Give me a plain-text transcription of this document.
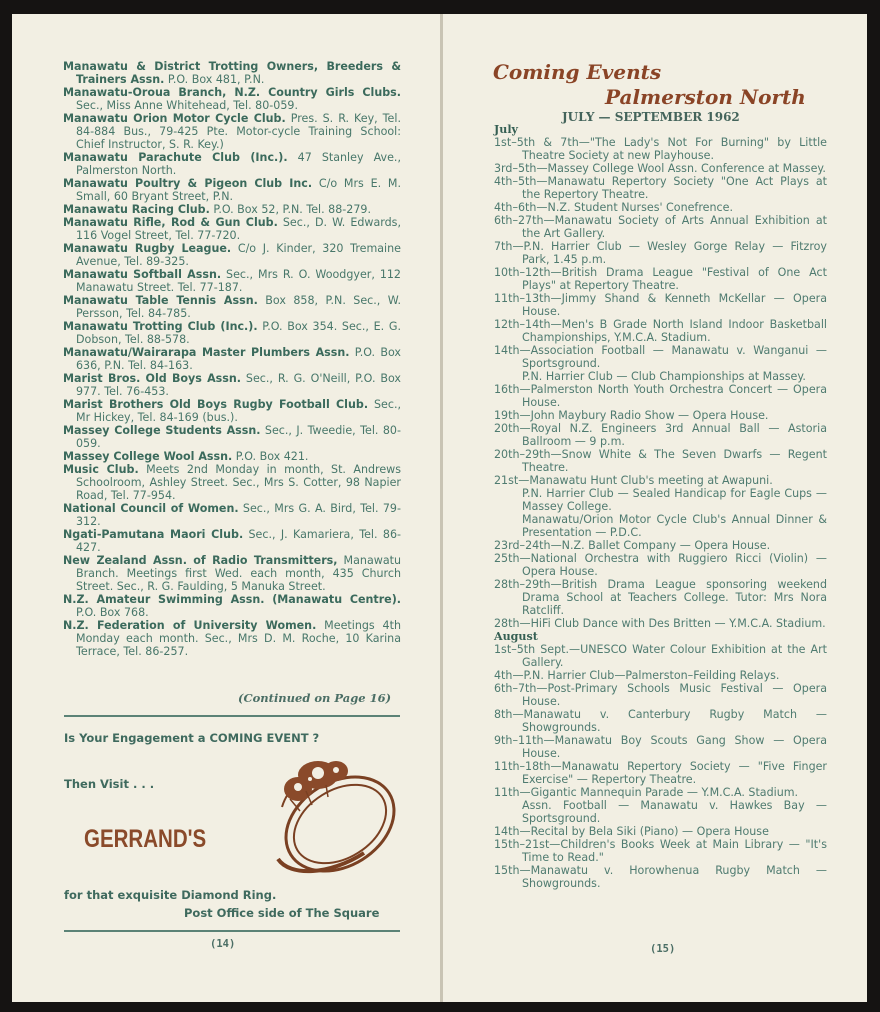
Manawatu & District Trotting Owners, Breeders & Trainers Assn. P.O. Box 481, P.N.
Manawatu-Oroua Branch, N.Z. Country Girls Clubs. Sec., Miss Anne Whitehead, Tel. 80-059.
Manawatu Orion Motor Cycle Club. Pres. S. R. Key, Tel. 84-884 Bus., 79-425 Pte. Motor-cycle Training School: Chief Instructor, S. R. Key.)
Manawatu Parachute Club (Inc.). 47 Stanley Ave., Palmerston North.
Manawatu Poultry & Pigeon Club Inc. C/o Mrs E. M. Small, 60 Bryant Street, P.N.
Manawatu Racing Club. P.O. Box 52, P.N. Tel. 88-279.
Manawatu Rifle, Rod & Gun Club. Sec., D. W. Edwards, 116 Vogel Street, Tel. 77-720.
Manawatu Rugby League. C/o J. Kinder, 320 Tremaine Avenue, Tel. 89-325.
Manawatu Softball Assn. Sec., Mrs R. O. Woodgyer, 112 Manawatu Street. Tel. 77-187.
Manawatu Table Tennis Assn. Box 858, P.N. Sec., W. Persson, Tel. 84-785.
Manawatu Trotting Club (Inc.). P.O. Box 354. Sec., E. G. Dobson, Tel. 88-578.
Manawatu/Wairarapa Master Plumbers Assn. P.O. Box 636, P.N. Tel. 84-163.
Marist Bros. Old Boys Assn. Sec., R. G. O'Neill, P.O. Box 977. Tel. 76-453.
Marist Brothers Old Boys Rugby Football Club. Sec., Mr Hickey, Tel. 84-169 (bus.).
Massey College Students Assn. Sec., J. Tweedie, Tel. 80-059.
Massey College Wool Assn. P.O. Box 421.
Music Club. Meets 2nd Monday in month, St. Andrews Schoolroom, Ashley Street. Sec., Mrs S. Cotter, 98 Napier Road, Tel. 77-954.
National Council of Women. Sec., Mrs G. A. Bird, Tel. 79-312.
Ngati-Pamutana Maori Club. Sec., J. Kamariera, Tel. 86-427.
New Zealand Assn. of Radio Transmitters, Manawatu Branch. Meetings first Wed. each month, 435 Church Street. Sec., R. G. Faulding, 5 Manuka Street.
N.Z. Amateur Swimming Assn. (Manawatu Centre). P.O. Box 768.
N.Z. Federation of University Women. Meetings 4th Monday each month. Sec., Mrs D. M. Roche, 10 Karina Terrace, Tel. 86-257.
(Continued on Page 16)
Is Your Engagement a COMING EVENT ?
Then Visit . . .
GERRAND'S
for that exquisite Diamond Ring.
Post Office side of The Square
(14)
Coming Events
Palmerston North
JULY — SEPTEMBER 1962
July
1st–5th & 7th—"The Lady's Not For Burning" by Little Theatre Society at new Playhouse.
3rd–5th—Massey College Wool Assn. Conference at Massey.
4th–5th—Manawatu Repertory Society "One Act Plays at the Repertory Theatre.
4th–6th—N.Z. Student Nurses' Conefrence.
6th–27th—Manawatu Society of Arts Annual Exhibition at the Art Gallery.
7th—P.N. Harrier Club — Wesley Gorge Relay — Fitzroy Park, 1.45 p.m.
10th–12th—British Drama League "Festival of One Act Plays" at Repertory Theatre.
11th–13th—Jimmy Shand & Kenneth McKellar — Opera House.
12th–14th—Men's B Grade North Island Indoor Basketball Championships, Y.M.C.A. Stadium.
14th—Association Football — Manawatu v. Wanganui — Sportsground.
P.N. Harrier Club — Club Championships at Massey.
16th—Palmerston North Youth Orchestra Concert — Opera House.
19th—John Maybury Radio Show — Opera House.
20th—Royal N.Z. Engineers 3rd Annual Ball — Astoria Ballroom — 9 p.m.
20th–29th—Snow White & The Seven Dwarfs — Regent Theatre.
21st—Manawatu Hunt Club's meeting at Awapuni.
P.N. Harrier Club — Sealed Handicap for Eagle Cups — Massey College.
Manawatu/Orion Motor Cycle Club's Annual Dinner & Presentation — P.D.C.
23rd–24th—N.Z. Ballet Company — Opera House.
25th—National Orchestra with Ruggiero Ricci (Violin) — Opera House.
28th–29th—British Drama League sponsoring weekend Drama School at Teachers College. Tutor: Mrs Nora Ratcliff.
28th—HiFi Club Dance with Des Britten — Y.M.C.A. Stadium.
August
1st–5th Sept.—UNESCO Water Colour Exhibition at the Art Gallery.
4th—P.N. Harrier Club—Palmerston–Feilding Relays.
6th–7th—Post-Primary Schools Music Festival — Opera House.
8th—Manawatu v. Canterbury Rugby Match — Showgrounds.
9th–11th—Manawatu Boy Scouts Gang Show — Opera House.
11th–18th—Manawatu Repertory Society — "Five Finger Exercise" — Repertory Theatre.
11th—Gigantic Mannequin Parade — Y.M.C.A. Stadium.
Assn. Football — Manawatu v. Hawkes Bay — Sportsground.
14th—Recital by Bela Siki (Piano) — Opera House
15th–21st—Children's Books Week at Main Library — "It's Time to Read."
15th—Manawatu v. Horowhenua Rugby Match — Showgrounds.
(15)
